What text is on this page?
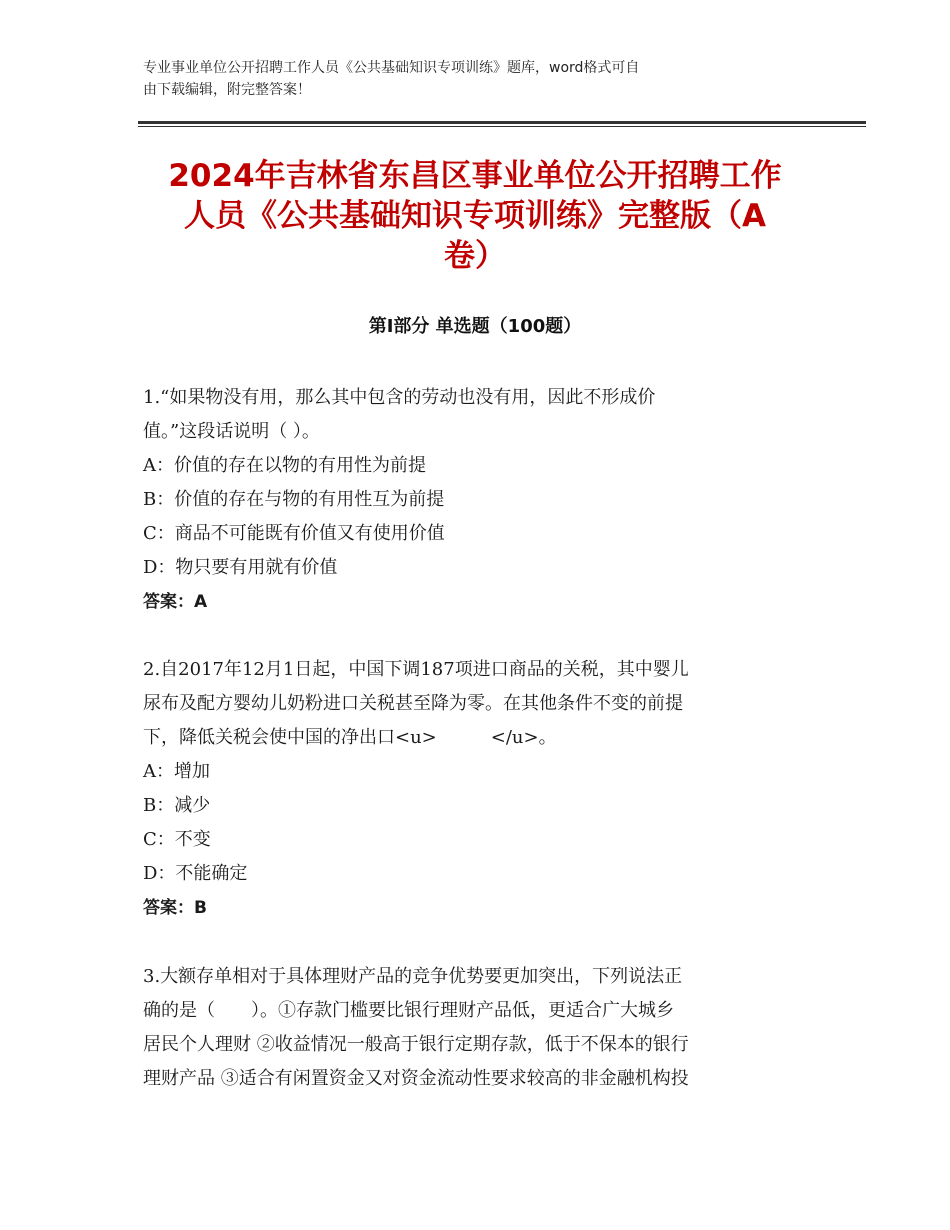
专业事业单位公开招聘工作人员《公共基础知识专项训练》题库，word格式可自
由下载编辑，附完整答案！
2024年吉林省东昌区事业单位公开招聘工作
人员《公共基础知识专项训练》完整版（A
卷）
第Ⅰ部分 单选题（100题）

1.“如果物没有用，那么其中包含的劳动也没有用，因此不形成价

值。”这段话说明（ ）。

A：价值的存在以物的有用性为前提

B：价值的存在与物的有用性互为前提

C：商品不可能既有价值又有使用价值

D：物只要有用就有价值

答案：A

2.自2017年12月1日起，中国下调187项进口商品的关税，其中婴儿

尿布及配方婴幼儿奶粉进口关税甚至降为零。在其他条件不变的前提

下，降低关税会使中国的净出口<u>　　　</u>。

A：增加

B：减少

C：不变

D：不能确定

答案：B

3.大额存单相对于具体理财产品的竞争优势要更加突出，下列说法正

确的是（　　）。①存款门槛要比银行理财产品低，更适合广大城乡

居民个人理财 ②收益情况一般高于银行定期存款，低于不保本的银行

理财产品 ③适合有闲置资金又对资金流动性要求较高的非金融机构投
